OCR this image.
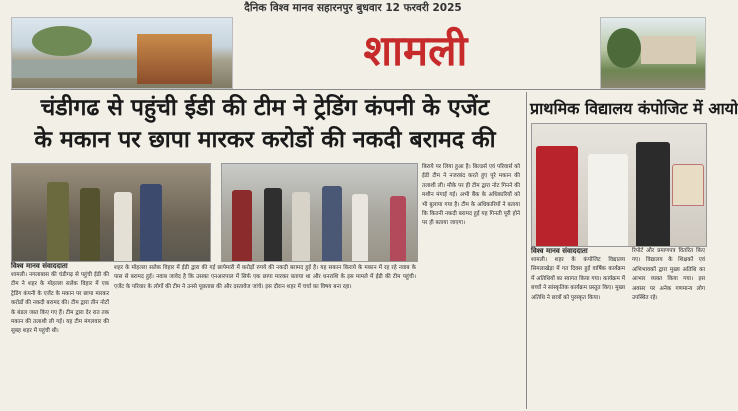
दैनिक विश्व मानव सहारनपुर बुधवार 12 फरवरी 2025
शामली
चंडीगढ से पहुंची ईडी की टीम ने ट्रेडिंग कंपनी के एजेंट
के मकान पर छापा मारकर करोडों की नकदी बरामद की
प्राथमिक विद्यालय कंपोजिट में आयो
विश्व मानव संवाददाता
विश्व मानव संवाददाता
शामली। नगलाबास की चंडीगढ़ से पहुंची ईडी की टीम ने शहर के मोहल्ला सलेक विहार में एक ट्रेडिंग कंपनी के एजेंट के मकान पर छापा मारकर करोडों की नकदी बरामद की। टीम द्वारा तीन नोटों के बंडल जब्त किए गए हैं। टीम द्वारा देर रात तक मकान की तलाशी ली गई। यह टीम मंगलवार की सुबह शहर में पहुंची थी।
शहर के मोहल्ला सलेक विहार में ईडी द्वारा की गई छापेमारी में करोड़ों रुपये की नकदी बरामद हुई है। यह सकान किराये के मकान में रह रहे नवाब के पास से बरामद हुई। नवाब जावेद है कि उसका एनआरपाल में सिर्फ एक छापा मारकर बताया था और धनराशि के इस मामले में ईडी की टीम पहुंची। एजेंट के परिवार के लोगों की टीम ने उनसे पूछताछ की और दस्तावेज जांचे। इस दौरान शहर में चर्चा का विषय बना रहा।
बिराये पर लिया हुआ है। बिल्डर्स एवं परिवार्स को ईडी टीम ने नजरबंद करते हुए पूरे मकान की तलाशी ली। मौके पर ही टीम द्वारा नोट गिनने की मशीन मंगाई गई। अभी बैंक के अधिकारियों को भी बुलाया गया है। टीम के अधिकारियों ने बताया कि कितनी नकदी बरामद हुई यह गिनती पूरी होने पर ही बताया जाएगा।
शामली। शहर के कंपोजिट विद्यालय सिमलाखेड़ा में गत दिवस हुई वार्षिक कार्यक्रम में अतिथियों का स्वागत किया गया। कार्यक्रम में बच्चों ने सांस्कृतिक कार्यक्रम प्रस्तुत किए। मुख्य अतिथि ने छात्रों को पुरस्कृत किया।
रिपोर्ट और प्रमाणपत्र वितरित किए गए। विद्यालय के शिक्षकों एवं अभिभावकों द्वारा मुख्य अतिथि का आभार व्यक्त किया गया। इस अवसर पर अनेक गणमान्य लोग उपस्थित रहे।
